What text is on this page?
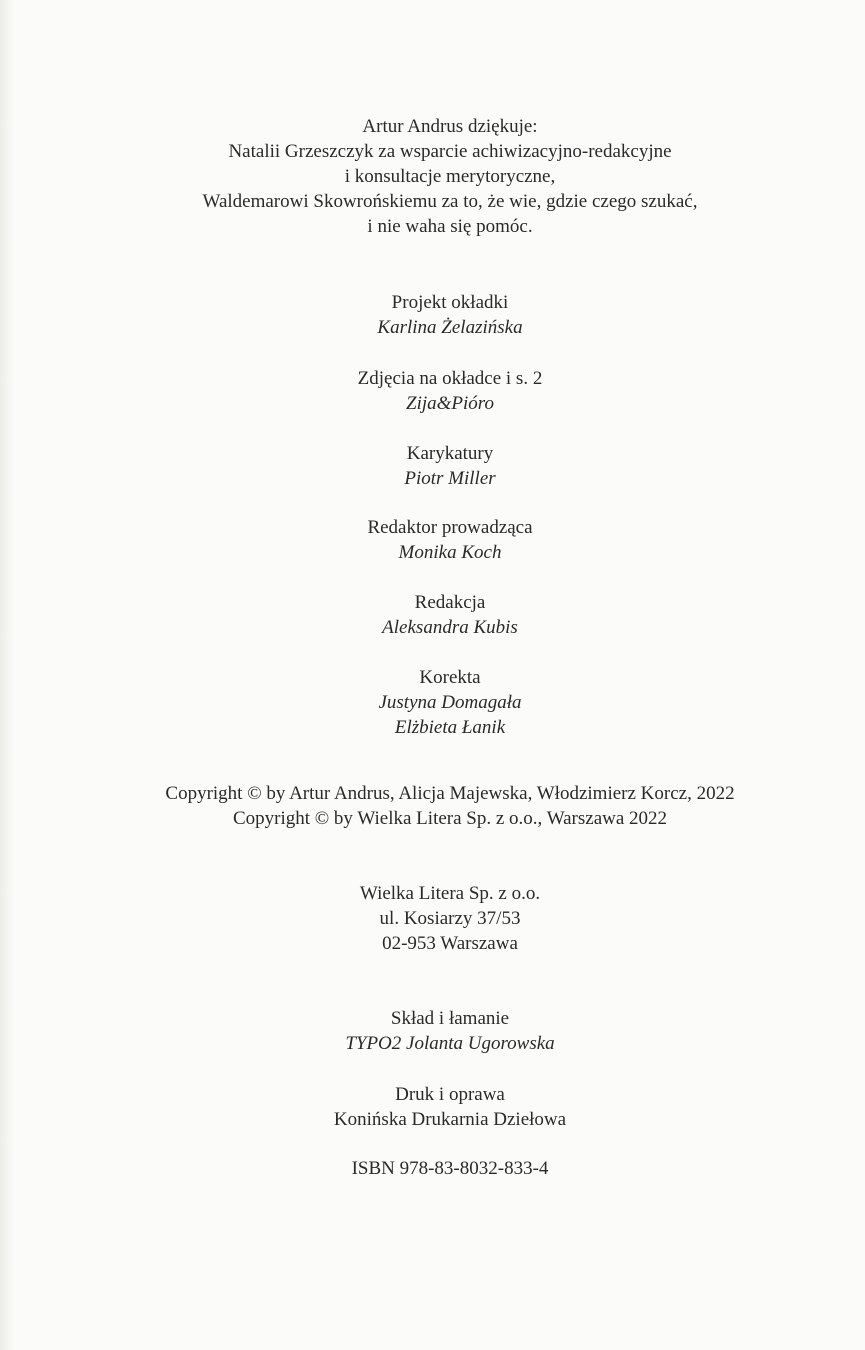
Artur Andrus dziękuje:
Natalii Grzeszczyk za wsparcie achiwizacyjno-redakcyjne
i konsultacje merytoryczne,
Waldemarowi Skowrońskiemu za to, że wie, gdzie czego szukać,
i nie waha się pomóc.
Projekt okładki
Karlina Żelazińska
Zdjęcia na okładce i s. 2
Zija&Pióro
Karykatury
Piotr Miller
Redaktor prowadząca
Monika Koch
Redakcja
Aleksandra Kubis
Korekta
Justyna Domagała
Elżbieta Łanik
Copyright © by Artur Andrus, Alicja Majewska, Włodzimierz Korcz, 2022
Copyright © by Wielka Litera Sp. z o.o., Warszawa 2022
Wielka Litera Sp. z o.o.
ul. Kosiarzy 37/53
02-953 Warszawa
Skład i łamanie
TYPO2 Jolanta Ugorowska
Druk i oprawa
Konińska Drukarnia Dziełowa
ISBN 978-83-8032-833-4
